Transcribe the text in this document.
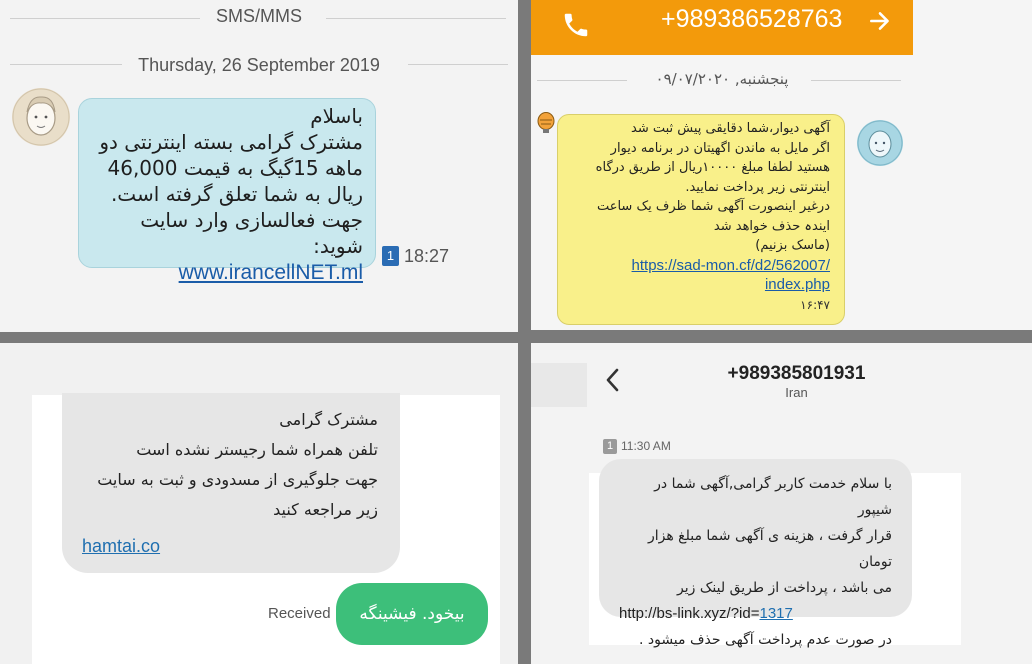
SMS/MMS
Thursday, 26 September 2019
باسلام
مشترک گرامی بسته اینترنتی دو
ماهه 15گیگ به قیمت 46,000
ریال به شما تعلق گرفته است.
جهت فعالسازی وارد سایت شوید:
www.irancellNET.ml
1 18:27
+989386528763
پنجشنبه, ۰۹/۰۷/۲۰۲۰
آگهی دیوار،شما دقایقی پیش ثبت شد
اگر مایل به ماندن اگهیتان در برنامه دیوار
هستید لطفا مبلغ ۱۰۰۰۰ریال از طریق درگاه
اینترنتی زیر پرداخت نمایید.
درغیر اینصورت آگهی شما ظرف یک ساعت
ایندہ حذف خواهد شد
(ماسک بزنیم)
https://sad-mon.cf/d2/562007/
index.php
۱۶:۴۷
مشترک گرامی
تلفن همراه شما رجیستر نشده است
جهت جلوگیری از مسدودی و ثبت به سایت
زیر مراجعه کنید
hamtai.co
Received	بیخود. فیشینگه
+989385801931
Iran
1 11:30 AM
با سلام خدمت کاربر گرامی,آگهی شما در شیپور
قرار گرفت ، هزینه ی آگهی شما مبلغ هزار تومان
می باشد ، پرداخت از طریق لینک زیر
http://bs-link.xyz/?id=1317
در صورت عدم پرداخت آگهی حذف میشود .
